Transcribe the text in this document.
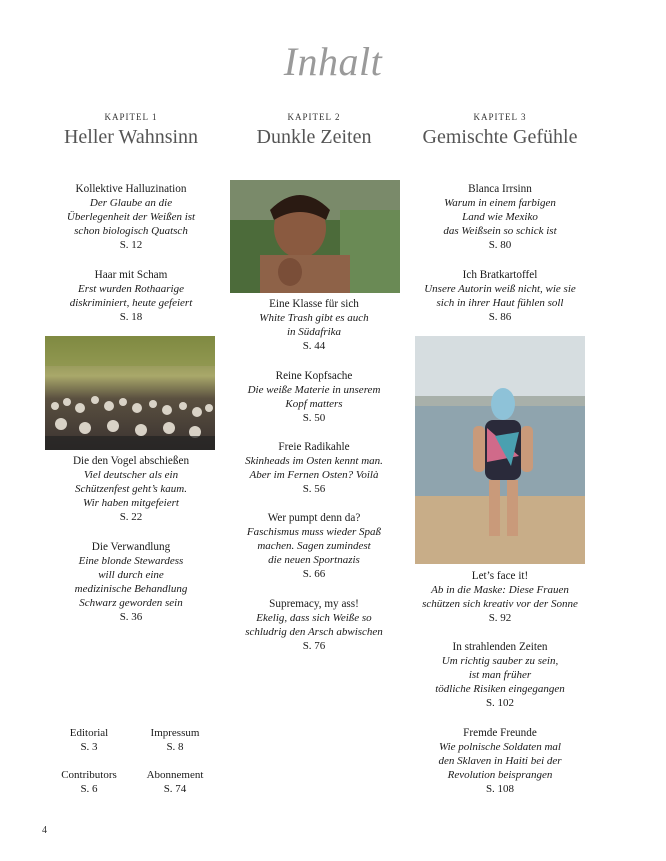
Inhalt
KAPITEL 1
Heller Wahnsinn
Kollektive Halluzination
Der Glaube an die
Überlegenheit der Weißen ist
schon biologisch Quatsch
S. 12
Haar mit Scham
Erst wurden Rothaarige
diskriminiert, heute gefeiert
S. 18
Die den Vogel abschießen
Viel deutscher als ein
Schützenfest geht’s kaum.
Wir haben mitgefeiert
S. 22
Die Verwandlung
Eine blonde Stewardess
will durch eine
medizinische Behandlung
Schwarz geworden sein
S. 36
KAPITEL 2
Dunkle Zeiten
Eine Klasse für sich
White Trash gibt es auch
in Südafrika
S. 44
Reine Kopfsache
Die weiße Materie in unserem
Kopf matters
S. 50
Freie Radikahle
Skinheads im Osten kennt man.
Aber im Fernen Osten? Voilà
S. 56
Wer pumpt denn da?
Faschismus muss wieder Spaß
machen. Sagen zumindest
die neuen Sportnazis
S. 66
Supremacy, my ass!
Ekelig, dass sich Weiße so
schludrig den Arsch abwischen
S. 76
KAPITEL 3
Gemischte Gefühle
Blanca Irrsinn
Warum in einem farbigen
Land wie Mexiko
das Weißsein so schick ist
S. 80
Ich Bratkartoffel
Unsere Autorin weiß nicht, wie sie
sich in ihrer Haut fühlen soll
S. 86
Let’s face it!
Ab in die Maske: Diese Frauen
schützen sich kreativ vor der Sonne
S. 92
In strahlenden Zeiten
Um richtig sauber zu sein,
ist man früher
tödliche Risiken eingegangen
S. 102
Fremde Freunde
Wie polnische Soldaten mal
den Sklaven in Haiti bei der
Revolution beisprangen
S. 108
Editorial
S. 3
Impressum
S. 8
Contributors
S. 6
Abonnement
S. 74
4
